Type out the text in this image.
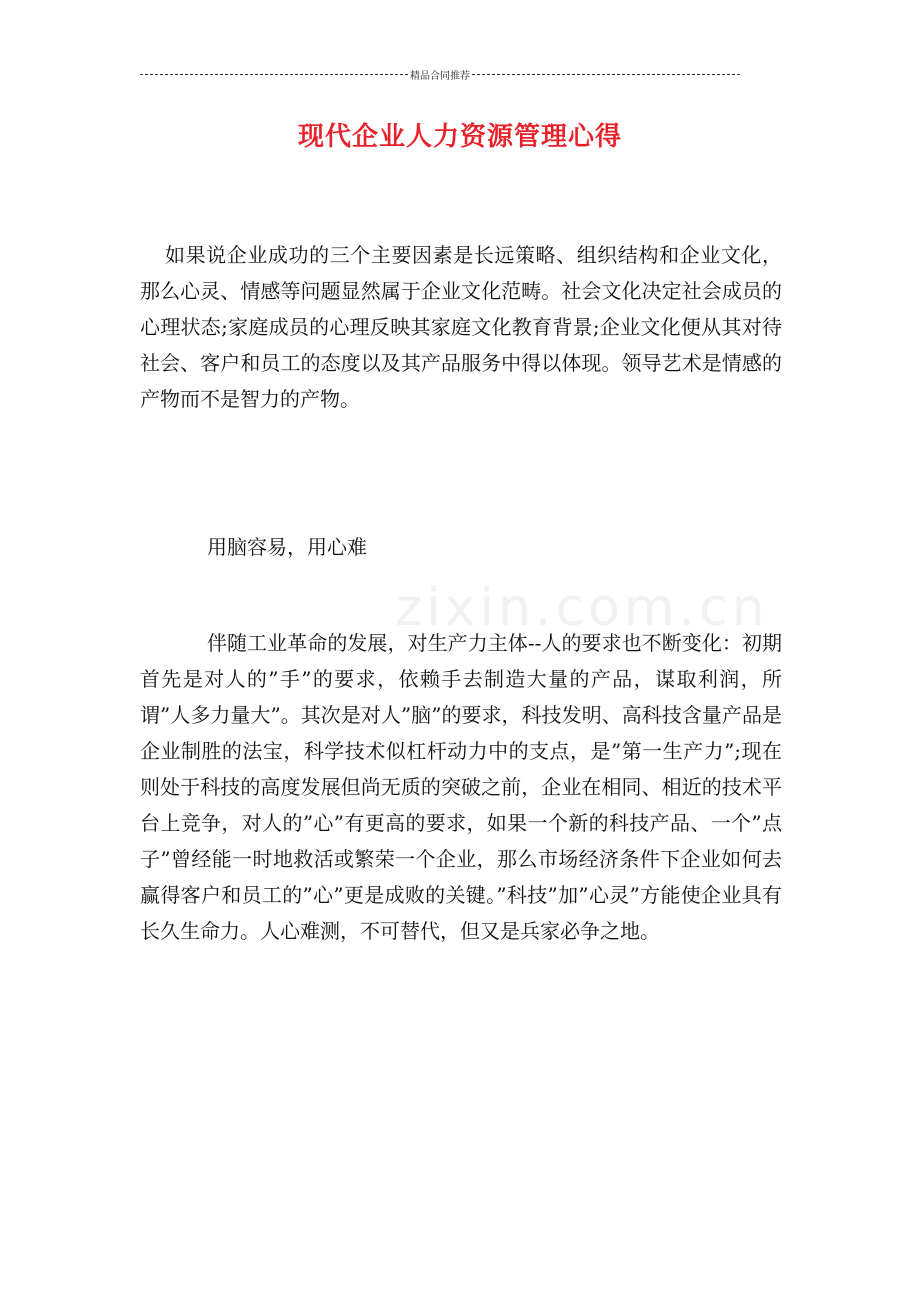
精品合同推荐
zixin.com.cn
现代企业人力资源管理心得

如果说企业成功的三个主要因素是长远策略、组织结构和企业文化，那么心灵、情感等问题显然属于企业文化范畴。社会文化决定社会成员的心理状态;家庭成员的心理反映其家庭文化教育背景;企业文化便从其对待社会、客户和员工的态度以及其产品服务中得以体现。领导艺术是情感的产物而不是智力的产物。

用脑容易，用心难

伴随工业革命的发展，对生产力主体--人的要求也不断变化：初期首先是对人的”手”的要求，依赖手去制造大量的产品，谋取利润，所谓”人多力量大”。其次是对人”脑”的要求，科技发明、高科技含量产品是企业制胜的法宝，科学技术似杠杆动力中的支点，是”第一生产力”;现在则处于科技的高度发展但尚无质的突破之前，企业在相同、相近的技术平台上竞争，对人的”心”有更高的要求，如果一个新的科技产品、一个”点子”曾经能一时地救活或繁荣一个企业，那么市场经济条件下企业如何去赢得客户和员工的”心”更是成败的关键。”科技”加”心灵”方能使企业具有长久生命力。人心难测，不可替代，但又是兵家必争之地。
